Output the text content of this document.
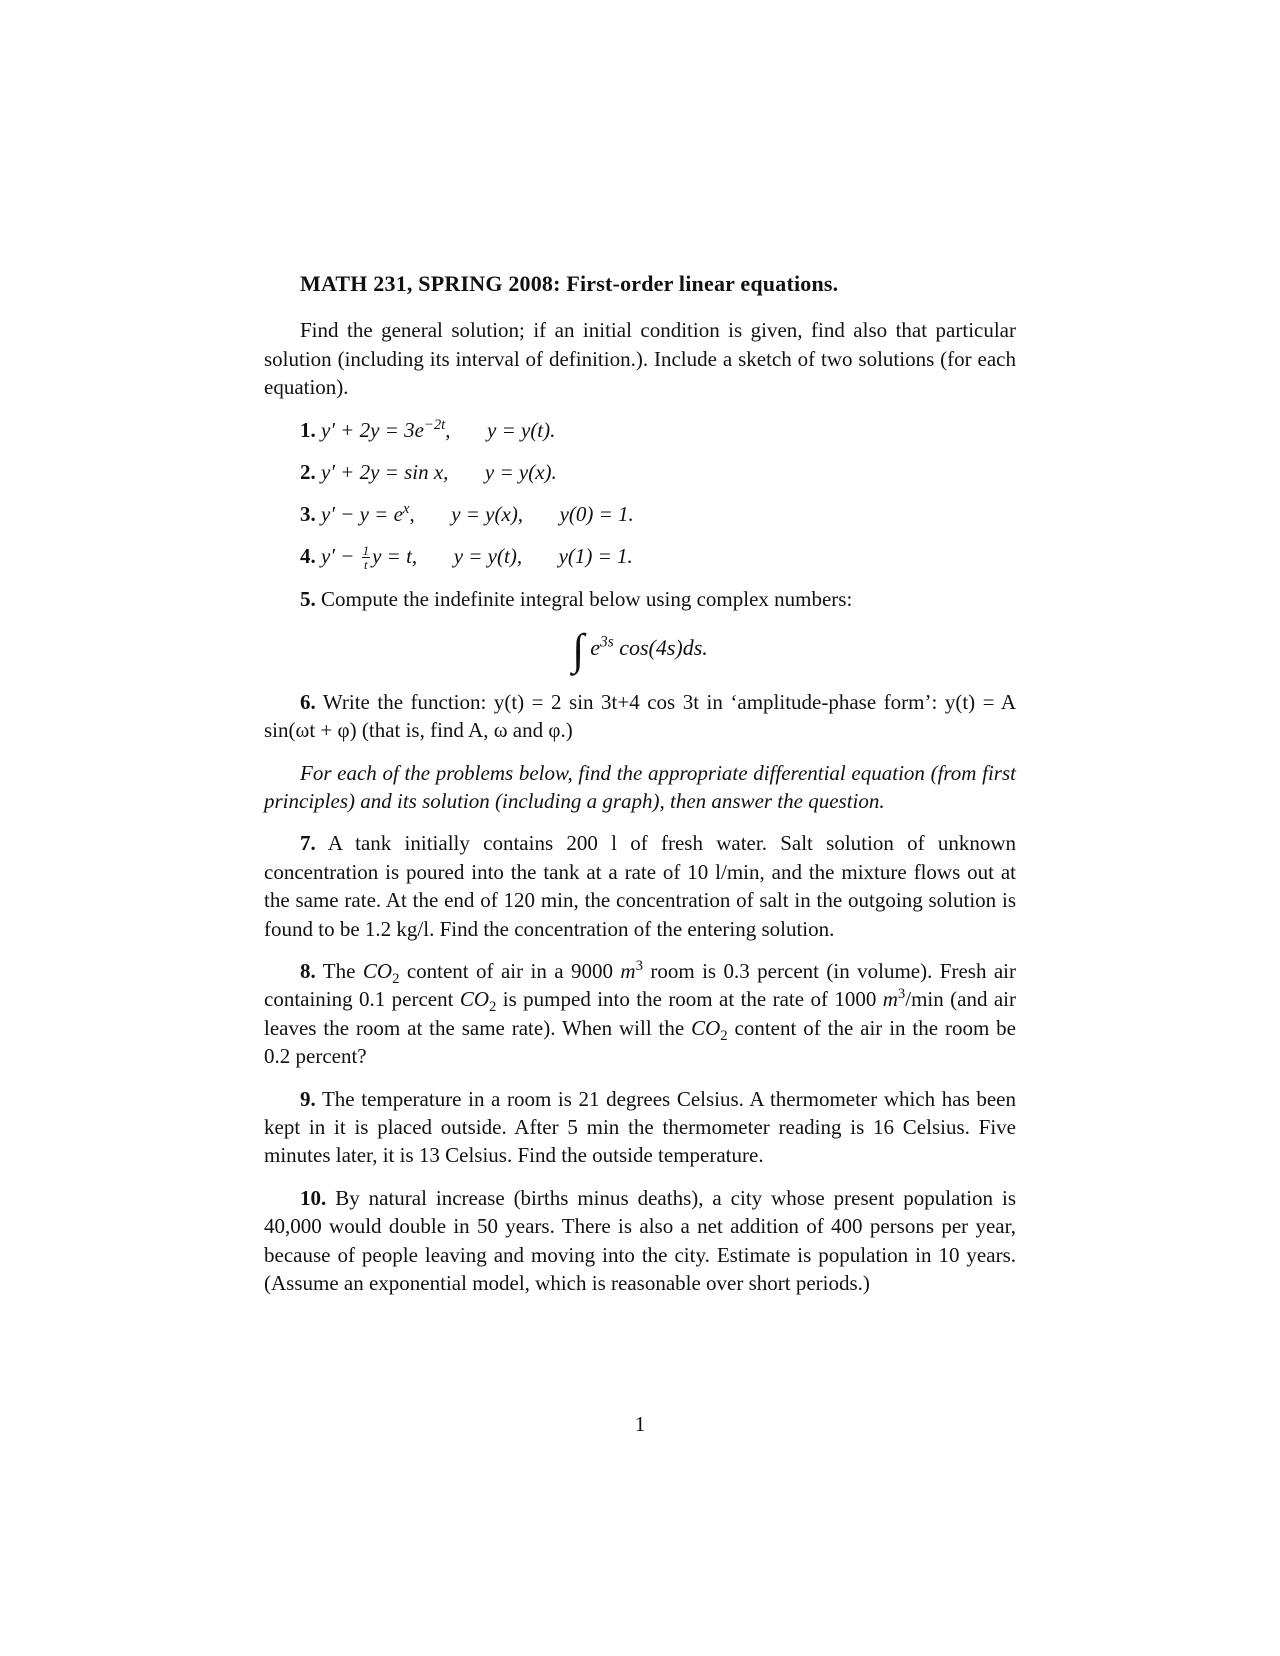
MATH 231, SPRING 2008: First-order linear equations.

Find the general solution; if an initial condition is given, find also that particular solution (including its interval of definition.). Include a sketch of two solutions (for each equation).

1. $y' + 2y = 3e^{-2t}$, y = y(t).
2. y′ + 2y = sin x, y = y(x).
3. $y' - y = e^x$, y = y(x), y(0) = 1.
4. $y' - \frac{1}{t}$ y = t, y = y(t), y(1) = 1.

5. Compute the indefinite integral below using complex numbers:

∫ $e^{3s}$ cos(4s)ds.

6. Write the function: y(t) = 2 sin 3t+4 cos 3t in ‘amplitude-phase form’: y(t) = A sin(ωt + φ) (that is, find A, ω and φ.)

For each of the problems below, find the appropriate differential equation (from first principles) and its solution (including a graph), then answer the question.

7. A tank initially contains 200 l of fresh water. Salt solution of unknown concentration is poured into the tank at a rate of 10 l/min, and the mixture flows out at the same rate. At the end of 120 min, the concentration of salt in the outgoing solution is found to be 1.2 kg/l. Find the concentration of the entering solution.

8. The $CO_2$ content of air in a 9000 $m^3$ room is 0.3 percent (in volume). Fresh air containing 0.1 percent $CO_2$ is pumped into the room at the rate of 1000 $m^3/\min$ (and air leaves the room at the same rate). When will the $CO_2$ content of the air in the room be 0.2 percent?

9. The temperature in a room is 21 degrees Celsius. A thermometer which has been kept in it is placed outside. After 5 min the thermometer reading is 16 Celsius. Five minutes later, it is 13 Celsius. Find the outside temperature.

10. By natural increase (births minus deaths), a city whose present population is 40,000 would double in 50 years. There is also a net addition of 400 persons per year, because of people leaving and moving into the city. Estimate is population in 10 years. (Assume an exponential model, which is reasonable over short periods.)

1
